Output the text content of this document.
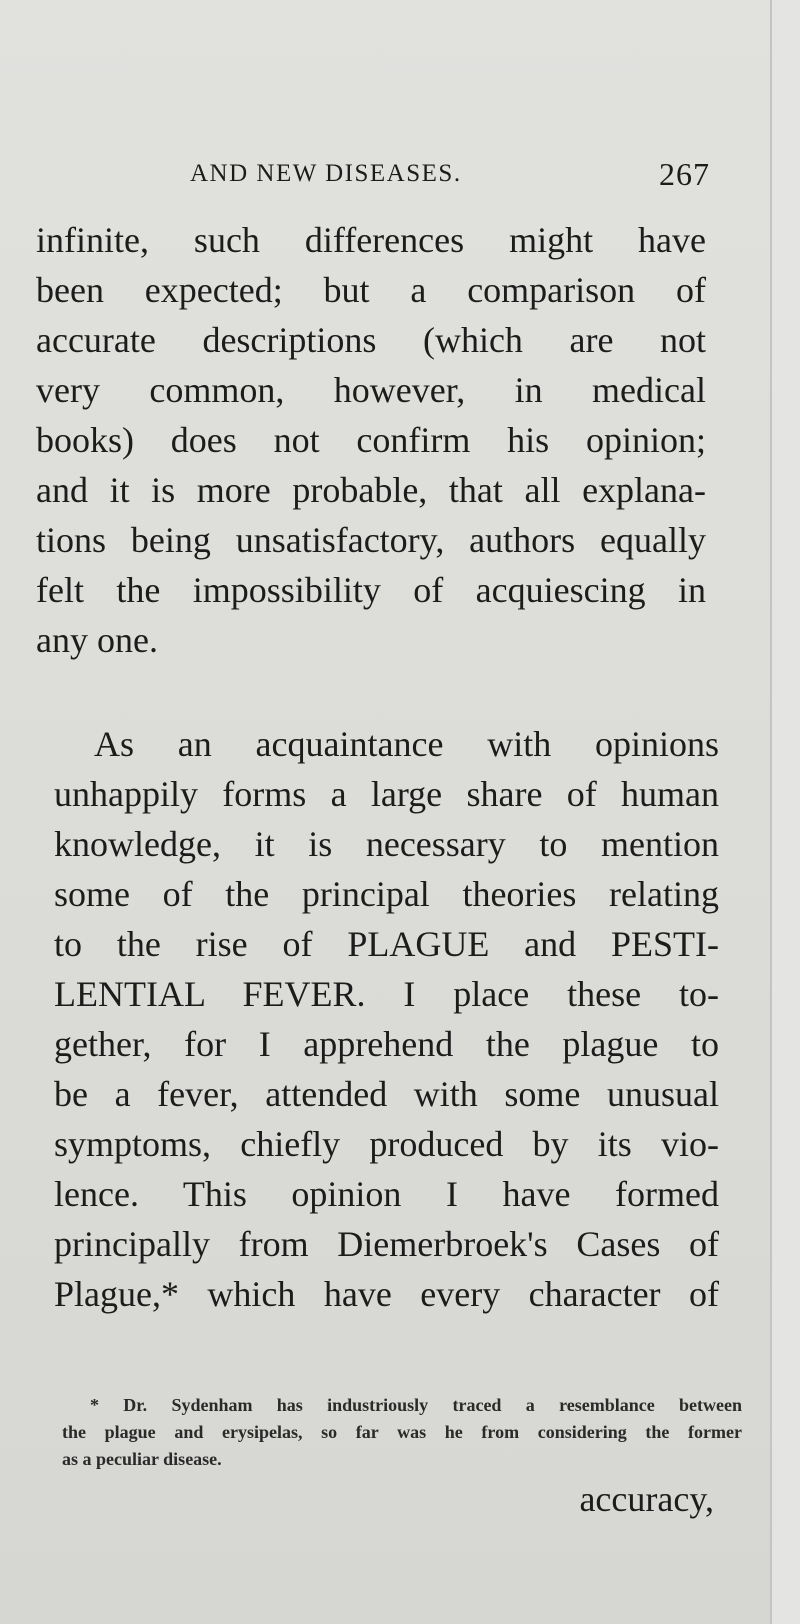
AND NEW DISEASES.	267
infinite, such differences might have
been expected; but a comparison of
accurate descriptions (which are not
very common, however, in medical
books) does not confirm his opinion;
and it is more probable, that all explana-
tions being unsatisfactory, authors equally
felt the impossibility of acquiescing in
any one.
As an acquaintance with opinions
unhappily forms a large share of human
knowledge, it is necessary to mention
some of the principal theories relating
to the rise of PLAGUE and PESTI-
LENTIAL FEVER. I place these to-
gether, for I apprehend the plague to
be a fever, attended with some unusual
symptoms, chiefly produced by its vio-
lence. This opinion I have formed
principally from Diemerbroek's Cases of
Plague,* which have every character of
* Dr. Sydenham has industriously traced a resemblance between
the plague and erysipelas, so far was he from considering the former
as a peculiar disease.
accuracy,
